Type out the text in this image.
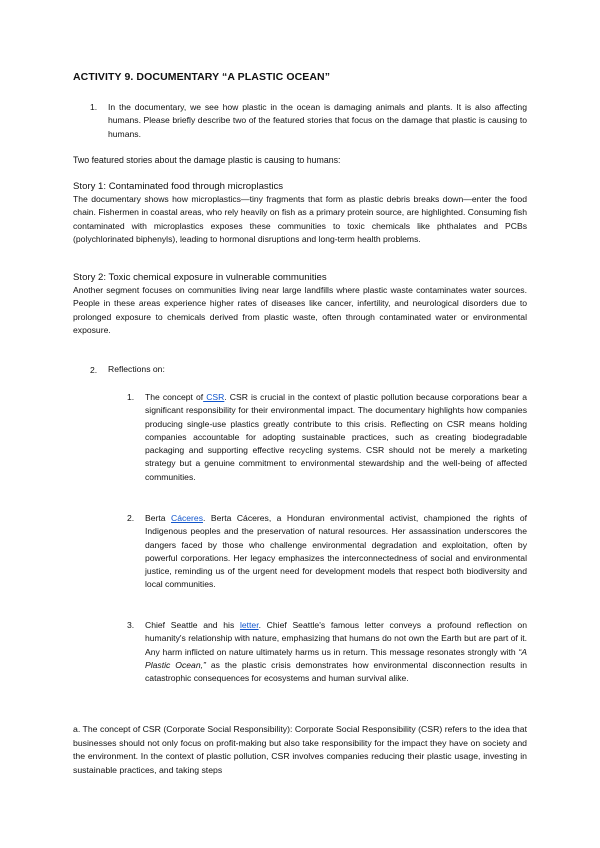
ACTIVITY 9. DOCUMENTARY “A PLASTIC OCEAN”
1. In the documentary, we see how plastic in the ocean is damaging animals and plants. It is also affecting humans. Please briefly describe two of the featured stories that focus on the damage that plastic is causing to humans.

Two featured stories about the damage plastic is causing to humans:

Story 1: Contaminated food through microplastics

The documentary shows how microplastics—tiny fragments that form as plastic debris breaks down—enter the food chain. Fishermen in coastal areas, who rely heavily on fish as a primary protein source, are highlighted. Consuming fish contaminated with microplastics exposes these communities to toxic chemicals like phthalates and PCBs (polychlorinated biphenyls), leading to hormonal disruptions and long-term health problems.

Story 2: Toxic chemical exposure in vulnerable communities

Another segment focuses on communities living near large landfills where plastic waste contaminates water sources. People in these areas experience higher rates of diseases like cancer, infertility, and neurological disorders due to prolonged exposure to chemicals derived from plastic waste, often through contaminated water or environmental exposure.

2. Reflections on:
1. The concept of CSR. CSR is crucial in the context of plastic pollution because corporations bear a significant responsibility for their environmental impact. The documentary highlights how companies producing single-use plastics greatly contribute to this crisis. Reflecting on CSR means holding companies accountable for adopting sustainable practices, such as creating biodegradable packaging and supporting effective recycling systems. CSR should not be merely a marketing strategy but a genuine commitment to environmental stewardship and the well-being of affected communities.

2. Berta Cáceres. Berta Cáceres, a Honduran environmental activist, championed the rights of Indigenous peoples and the preservation of natural resources. Her assassination underscores the dangers faced by those who challenge environmental degradation and exploitation, often by powerful corporations. Her legacy emphasizes the interconnectedness of social and environmental justice, reminding us of the urgent need for development models that respect both biodiversity and local communities.

3. Chief Seattle and his letter. Chief Seattle's famous letter conveys a profound reflection on humanity's relationship with nature, emphasizing that humans do not own the Earth but are part of it. Any harm inflicted on nature ultimately harms us in return. This message resonates strongly with “A Plastic Ocean,” as the plastic crisis demonstrates how environmental disconnection results in catastrophic consequences for ecosystems and human survival alike.

a. The concept of CSR (Corporate Social Responsibility): Corporate Social Responsibility (CSR) refers to the idea that businesses should not only focus on profit-making but also take responsibility for the impact they have on society and the environment. In the context of plastic pollution, CSR involves companies reducing their plastic usage, investing in sustainable practices, and taking steps
